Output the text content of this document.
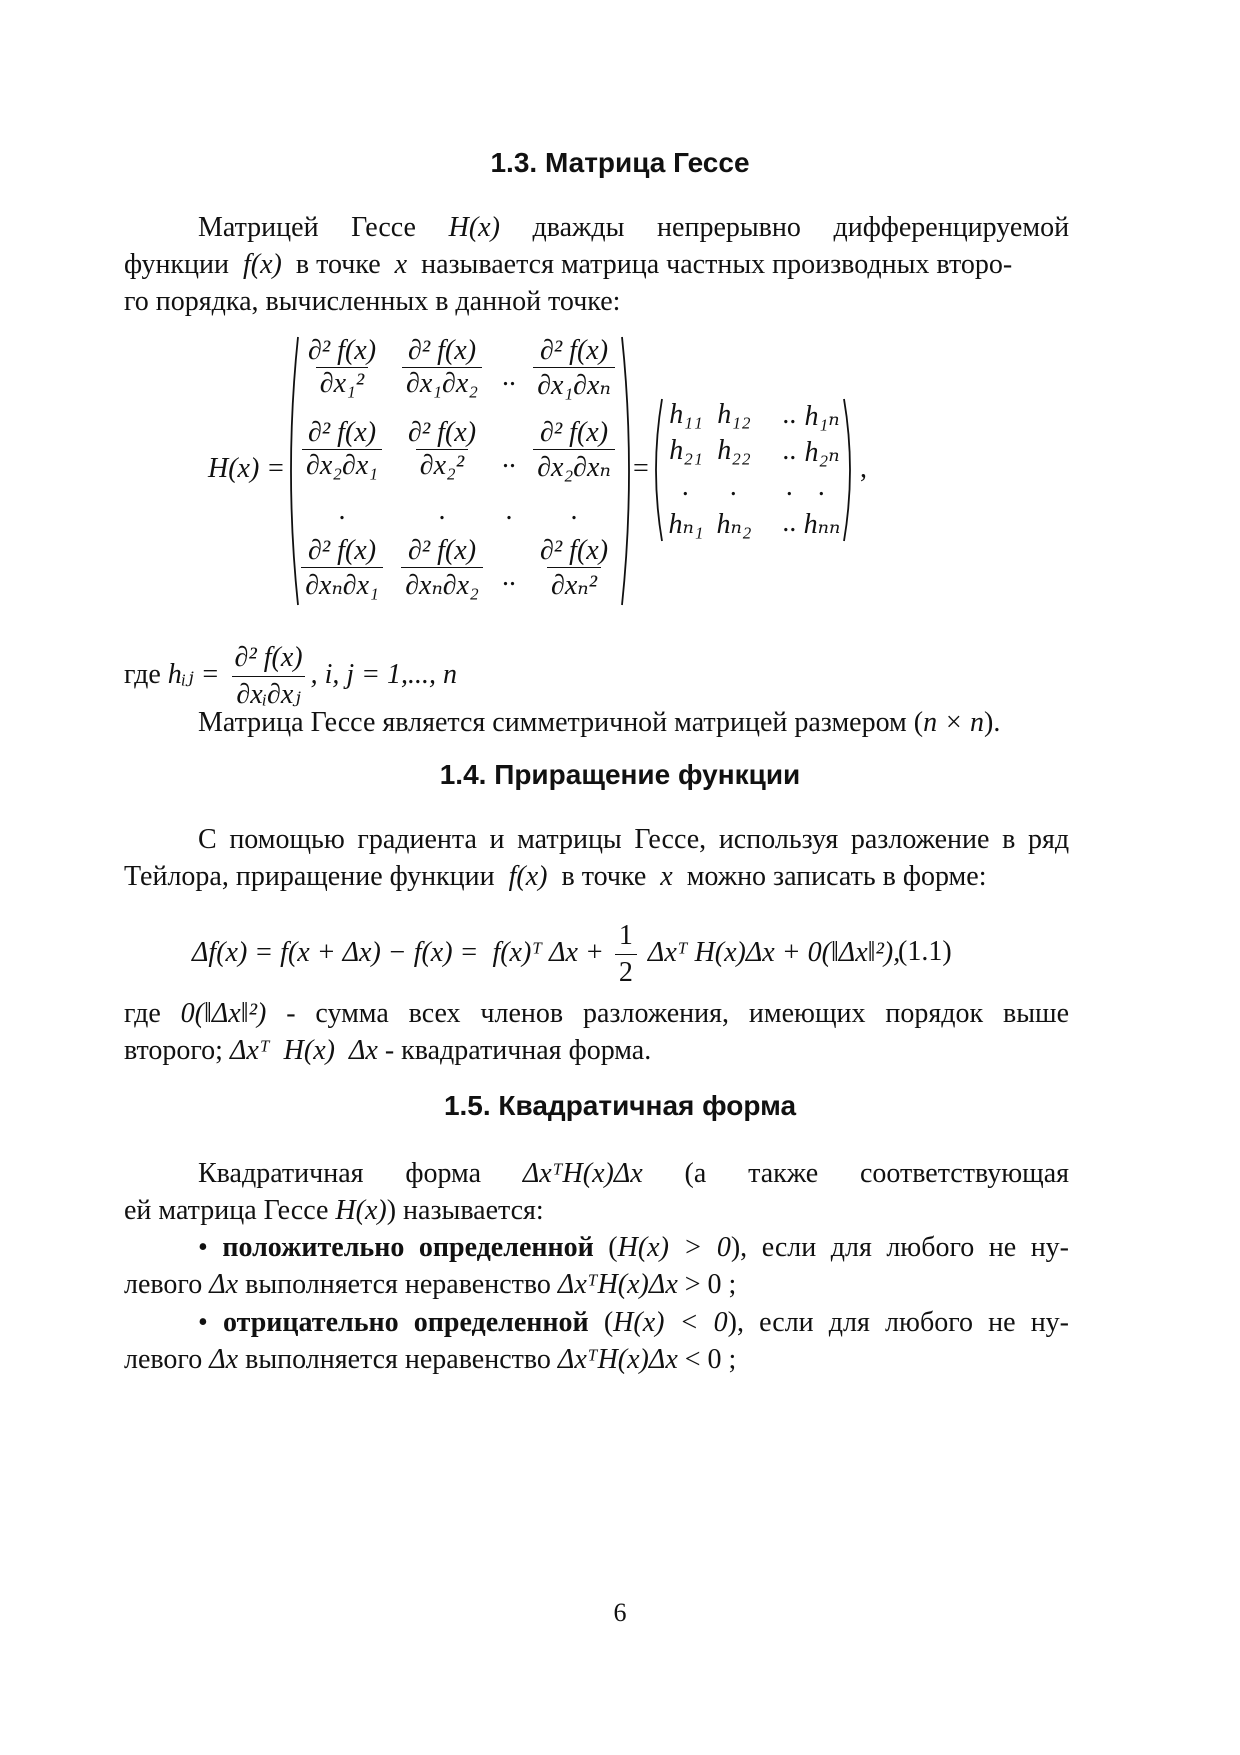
1.3. Матрица Гессе
Матрицей Гессе H(x) дважды непрерывно дифференцируемой
функции f(x) в точке x называется матрица частных производных второ-
го порядка, вычисленных в данной точке:
H(x) =
$\frac{\text{∂² f(x)}}{\text{∂x₁²}} \frac{\text{∂² f(x)}}{\text{∂x₁∂x₂}}$ .. $\frac{\text{∂² f(x)}}{\text{∂x₁∂xₙ}}$
$\frac{\text{∂² f(x)}}{\text{∂x₂∂x₁}} \frac{\text{∂² f(x)}}{\text{∂x₂²}}$ .. $\frac{\text{∂² f(x)}}{\text{∂x₂∂xₙ}}$
.	.	.	.
$\frac{\text{∂² f(x)}}{\text{∂xₙ∂x₁}} \frac{\text{∂² f(x)}}{\text{∂xₙ∂x₂}}$ .. $\frac{\text{∂² f(x)}}{\text{∂xₙ²}}$
=
h₁₁ h₁₂	.. h₁ₙ
h₂₁ h₂₂	.. h₂ₙ
.	.	. .
hₙ₁ hₙ₂	.. hₙₙ
,
где hᵢⱼ = $\frac{\text{∂² f(x)}}{\text{∂xᵢ∂xⱼ}}$ , i, j = 1,..., n
Матрица Гессе является симметричной матрицей размером (n × n).
1.4. Приращение функции
С помощью градиента и матрицы Гессе, используя разложение в ряд
Тейлора, приращение функции f(x) в точке x можно записать в форме:
Δf(x) = f(x + Δx) − f(x) = f(x)ᵀ $\Delta x + \frac{1}{2}$ Δxᵀ H(x)Δx + 0(‖Δx‖²),
(1.1)
где 0(‖Δx‖²) - сумма всех членов разложения, имеющих порядок выше
второго; Δxᵀ  H(x)  Δx - квадратичная форма.
1.5. Квадратичная форма
Квадратичная форма ΔxᵀH(x)Δx (а также соответствующая
ей матрица Гессе H(x)) называется:
• положительно определенной (H(x) > 0), если для любого не ну-
левого Δx выполняется неравенство ΔxᵀH(x)Δx > 0 ;
• отрицательно определенной (H(x) < 0), если для любого не ну-
левого Δx выполняется неравенство ΔxᵀH(x)Δx < 0 ;
6
